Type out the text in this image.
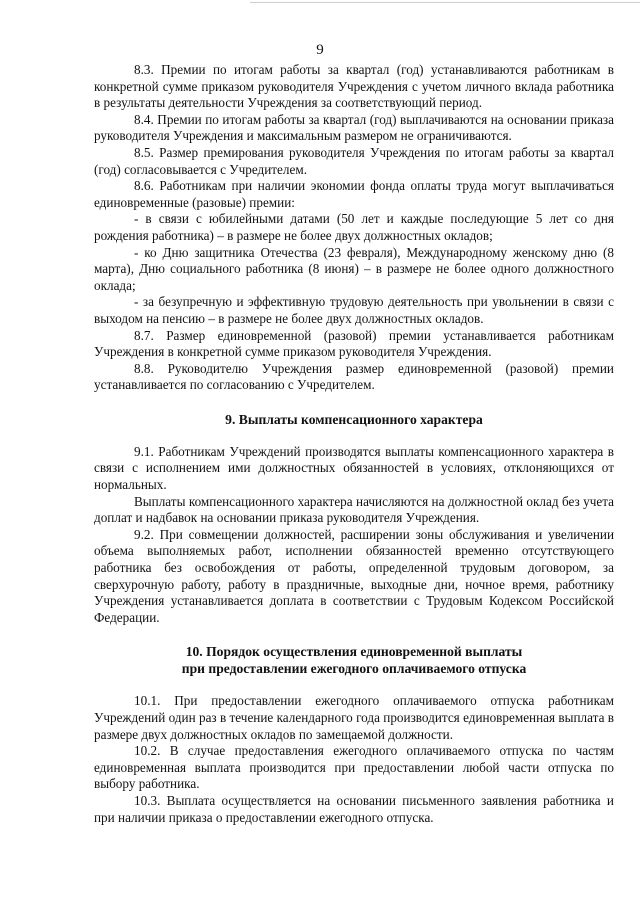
9

8.3. Премии по итогам работы за квартал (год) устанавливаются работникам в конкретной сумме приказом руководителя Учреждения с учетом личного вклада работника в результаты деятельности Учреждения за соответствующий период.

8.4. Премии по итогам работы за квартал (год) выплачиваются на основании приказа руководителя Учреждения и максимальным размером не ограничиваются.

8.5. Размер премирования руководителя Учреждения по итогам работы за квартал (год) согласовывается с Учредителем.

8.6. Работникам при наличии экономии фонда оплаты труда могут выплачиваться единовременные (разовые) премии:

- в связи с юбилейными датами (50 лет и каждые последующие 5 лет со дня рождения работника) – в размере не более двух должностных окладов;

- ко Дню защитника Отечества (23 февраля), Международному женскому дню (8 марта), Дню социального работника (8 июня) – в размере не более одного должностного оклада;

- за безупречную и эффективную трудовую деятельность при увольнении в связи с выходом на пенсию – в размере не более двух должностных окладов.

8.7. Размер единовременной (разовой) премии устанавливается работникам Учреждения в конкретной сумме приказом руководителя Учреждения.

8.8. Руководителю Учреждения размер единовременной (разовой) премии устанавливается по согласованию с Учредителем.

9. Выплаты компенсационного характера

9.1. Работникам Учреждений производятся выплаты компенсационного характера в связи с исполнением ими должностных обязанностей в условиях, отклоняющихся от нормальных.

Выплаты компенсационного характера начисляются на должностной оклад без учета доплат и надбавок на основании приказа руководителя Учреждения.

9.2. При совмещении должностей, расширении зоны обслуживания и увеличении объема выполняемых работ, исполнении обязанностей временно отсутствующего работника без освобождения от работы, определенной трудовым договором, за сверхурочную работу, работу в праздничные, выходные дни, ночное время, работнику Учреждения устанавливается доплата в соответствии с Трудовым Кодексом Российской Федерации.

10. Порядок осуществления единовременной выплаты
при предоставлении ежегодного оплачиваемого отпуска

10.1. При предоставлении ежегодного оплачиваемого отпуска работникам Учреждений один раз в течение календарного года производится единовременная выплата в размере двух должностных окладов по замещаемой должности.

10.2. В случае предоставления ежегодного оплачиваемого отпуска по частям единовременная выплата производится при предоставлении любой части отпуска по выбору работника.

10.3. Выплата осуществляется на основании письменного заявления работника и при наличии приказа о предоставлении ежегодного отпуска.
